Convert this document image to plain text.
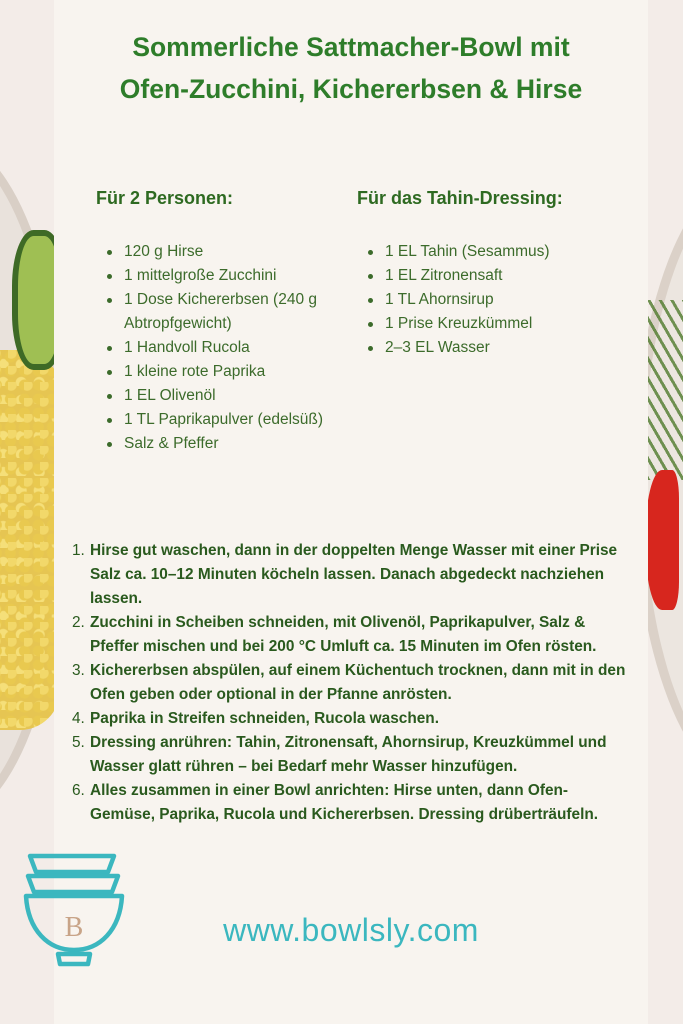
Sommerliche Sattmacher-Bowl mit
Ofen-Zucchini, Kichererbsen & Hirse
Für 2 Personen:
120 g Hirse
1 mittelgroße Zucchini
1 Dose Kichererbsen (240 g Abtropfgewicht)
1 Handvoll Rucola
1 kleine rote Paprika
1 EL Olivenöl
1 TL Paprikapulver (edelsüß)
Salz & Pfeffer
Für das Tahin-Dressing:
1 EL Tahin (Sesammus)
1 EL Zitronensaft
1 TL Ahornsirup
1 Prise Kreuzkümmel
2–3 EL Wasser
1. Hirse gut waschen, dann in der doppelten Menge Wasser mit einer Prise Salz ca. 10–12 Minuten köcheln lassen. Danach abgedeckt nachziehen lassen.
2. Zucchini in Scheiben schneiden, mit Olivenöl, Paprikapulver, Salz & Pfeffer mischen und bei 200 °C Umluft ca. 15 Minuten im Ofen rösten.
3. Kichererbsen abspülen, auf einem Küchentuch trocknen, dann mit in den Ofen geben oder optional in der Pfanne anrösten.
4. Paprika in Streifen schneiden, Rucola waschen.
5. Dressing anrühren: Tahin, Zitronensaft, Ahornsirup, Kreuzkümmel und Wasser glatt rühren – bei Bedarf mehr Wasser hinzufügen.
6. Alles zusammen in einer Bowl anrichten: Hirse unten, dann Ofen-Gemüse, Paprika, Rucola und Kichererbsen. Dressing drüberträufeln.
www.bowlsly.com
B
